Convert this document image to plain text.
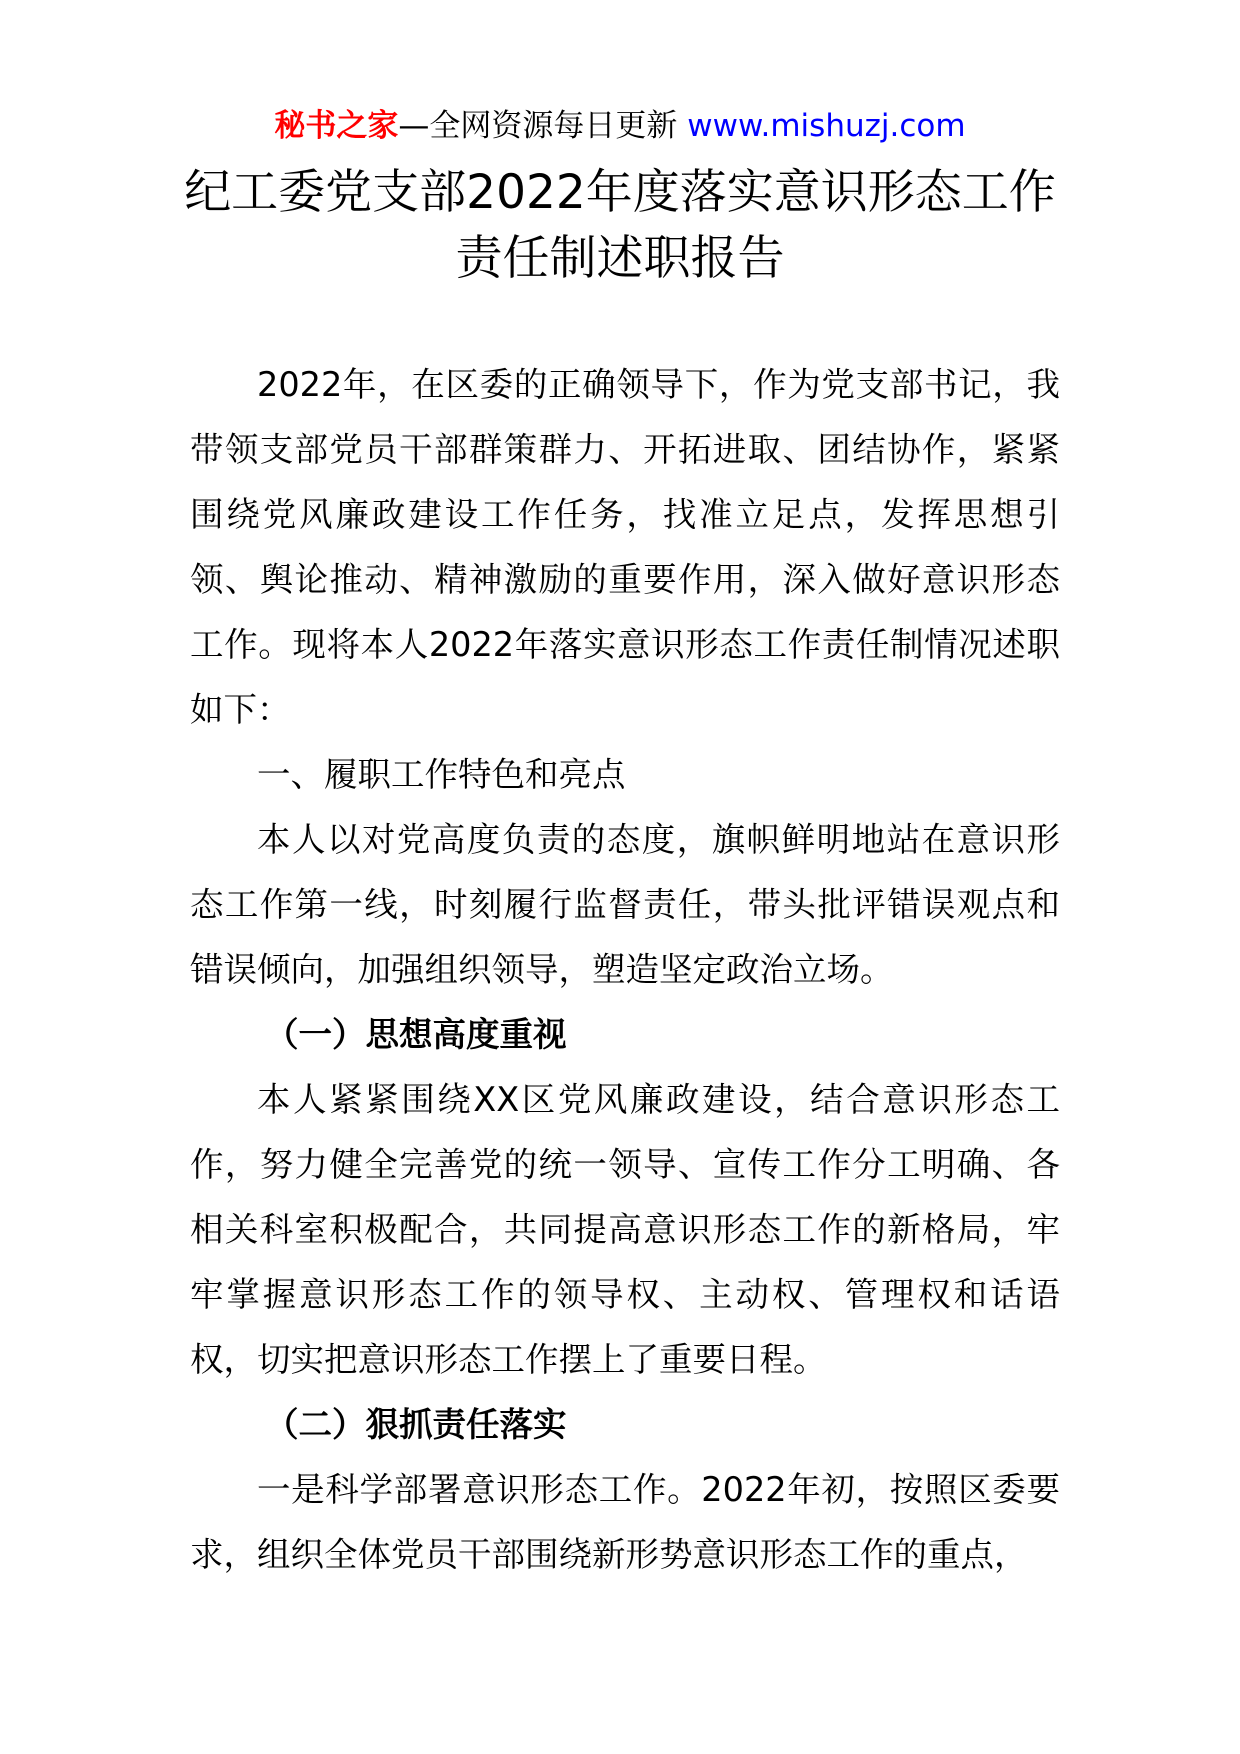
秘书之家—全网资源每日更新 www.mishuzj.com
纪工委党支部2022年度落实意识形态工作
责任制述职报告

2022年，在区委的正确领导下，作为党支部书记，我带领支部党员干部群策群力、开拓进取、团结协作，紧紧围绕党风廉政建设工作任务，找准立足点，发挥思想引领、舆论推动、精神激励的重要作用，深入做好意识形态工作。现将本人2022年落实意识形态工作责任制情况述职如下：

一、履职工作特色和亮点

本人以对党高度负责的态度，旗帜鲜明地站在意识形态工作第一线，时刻履行监督责任，带头批评错误观点和错误倾向，加强组织领导，塑造坚定政治立场。

（一）思想高度重视

本人紧紧围绕XX区党风廉政建设，结合意识形态工作，努力健全完善党的统一领导、宣传工作分工明确、各相关科室积极配合，共同提高意识形态工作的新格局，牢牢掌握意识形态工作的领导权、主动权、管理权和话语权，切实把意识形态工作摆上了重要日程。

（二）狠抓责任落实

一是科学部署意识形态工作。2022年初，按照区委要求，组织全体党员干部围绕新形势意识形态工作的重点，
